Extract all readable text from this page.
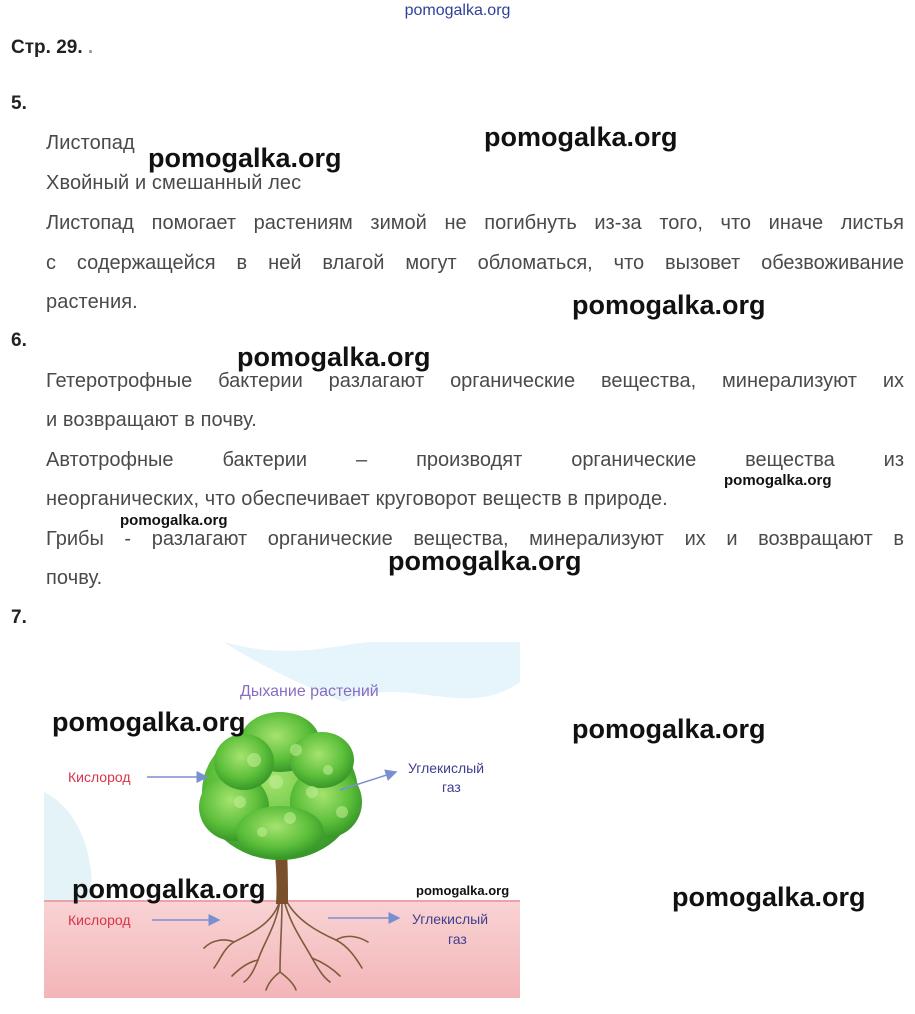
pomogalka.org
Стр. 29. .
5.
Листопад
Хвойный и смешанный лес
Листопад помогает растениям зимой не погибнуть из-за того, что иначе листья
с содержащейся в ней влагой могут обломаться, что вызовет обезвоживание
растения.
6.
Гетеротрофные бактерии разлагают органические вещества, минерализуют их
и возвращают в почву.
Автотрофные бактерии – производят органические вещества из
неорганических, что обеспечивает круговорот веществ в природе.
Грибы - разлагают органические вещества, минерализуют их и возвращают в
почву.
7.
Дыхание растений
Кислород
Углекислый
газ
Кислород	Углекислый
газ
pomogalka.org
pomogalka.org
pomogalka.org
pomogalka.org
pomogalka.org
pomogalka.org
pomogalka.org
pomogalka.org	pomogalka.org
pomogalka.org	pomogalka.org	pomogalka.org
